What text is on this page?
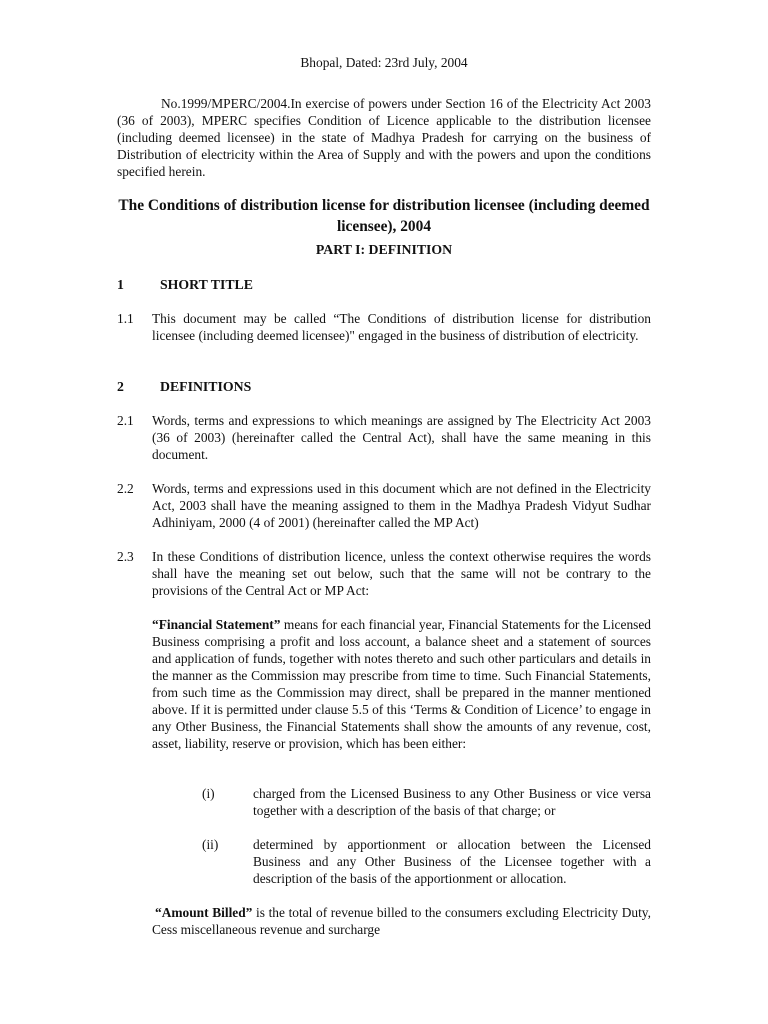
Bhopal, Dated: 23rd July, 2004
No.1999/MPERC/2004.In exercise of powers under Section 16 of the Electricity Act 2003 (36 of 2003), MPERC specifies Condition of Licence applicable to the distribution licensee (including deemed licensee) in the state of Madhya Pradesh for carrying on the business of Distribution of electricity within the Area of Supply and with the powers and upon the conditions specified herein.
The Conditions of distribution license for distribution licensee (including deemed licensee), 2004
PART I: DEFINITION
1	SHORT TITLE
1.1 This document may be called “The Conditions of distribution license for distribution licensee (including deemed licensee)" engaged in the business of distribution of electricity.
2	DEFINITIONS
2.1 Words, terms and expressions to which meanings are assigned by The Electricity Act 2003 (36 of 2003) (hereinafter called the Central Act), shall have the same meaning in this document.
2.2 Words, terms and expressions used in this document which are not defined in the Electricity Act, 2003 shall have the meaning assigned to them in the Madhya Pradesh Vidyut Sudhar Adhiniyam, 2000 (4 of 2001) (hereinafter called the MP Act)
2.3 In these Conditions of distribution licence, unless the context otherwise requires the words shall have the meaning set out below, such that the same will not be contrary to the provisions of the Central Act or MP Act:
“Financial Statement” means for each financial year, Financial Statements for the Licensed Business comprising a profit and loss account, a balance sheet and a statement of sources and application of funds, together with notes thereto and such other particulars and details in the manner as the Commission may prescribe from time to time. Such Financial Statements, from such time as the Commission may direct, shall be prepared in the manner mentioned above. If it is permitted under clause 5.5 of this ‘Terms & Condition of Licence’ to engage in any Other Business, the Financial Statements shall show the amounts of any revenue, cost, asset, liability, reserve or provision, which has been either:
(i)	charged from the Licensed Business to any Other Business or vice versa together with a description of the basis of that charge; or
(ii)	determined by apportionment or allocation between the Licensed Business and any Other Business of the Licensee together with a description of the basis of the apportionment or allocation.
“Amount Billed” is the total of revenue billed to the consumers excluding Electricity Duty, Cess miscellaneous revenue and surcharge
